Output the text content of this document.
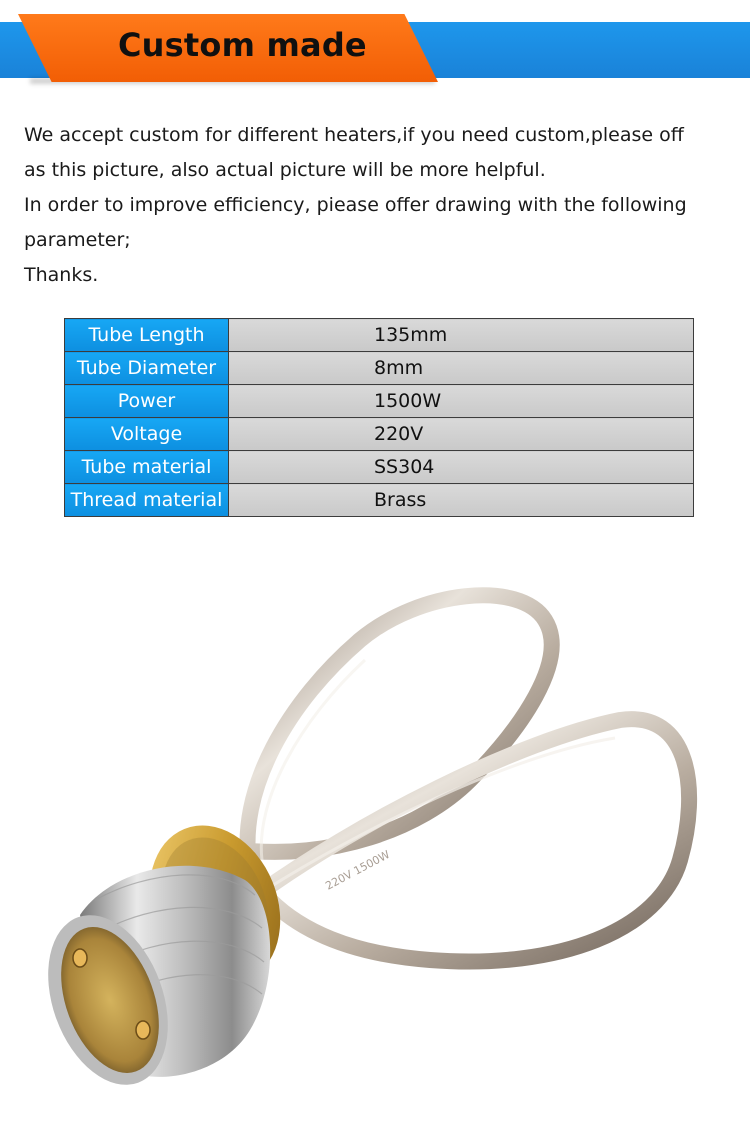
Custom made

We accept custom for different heaters,if you need custom,please off

as this picture, also actual picture will be more helpful.

In order to improve efficiency, piease offer drawing with the following

parameter;

Thanks.

Tube Length	135mm
Tube Diameter	8mm
Power	1500W
Voltage	220V
Tube material	SS304
Thread material	Brass
220V 1500W
